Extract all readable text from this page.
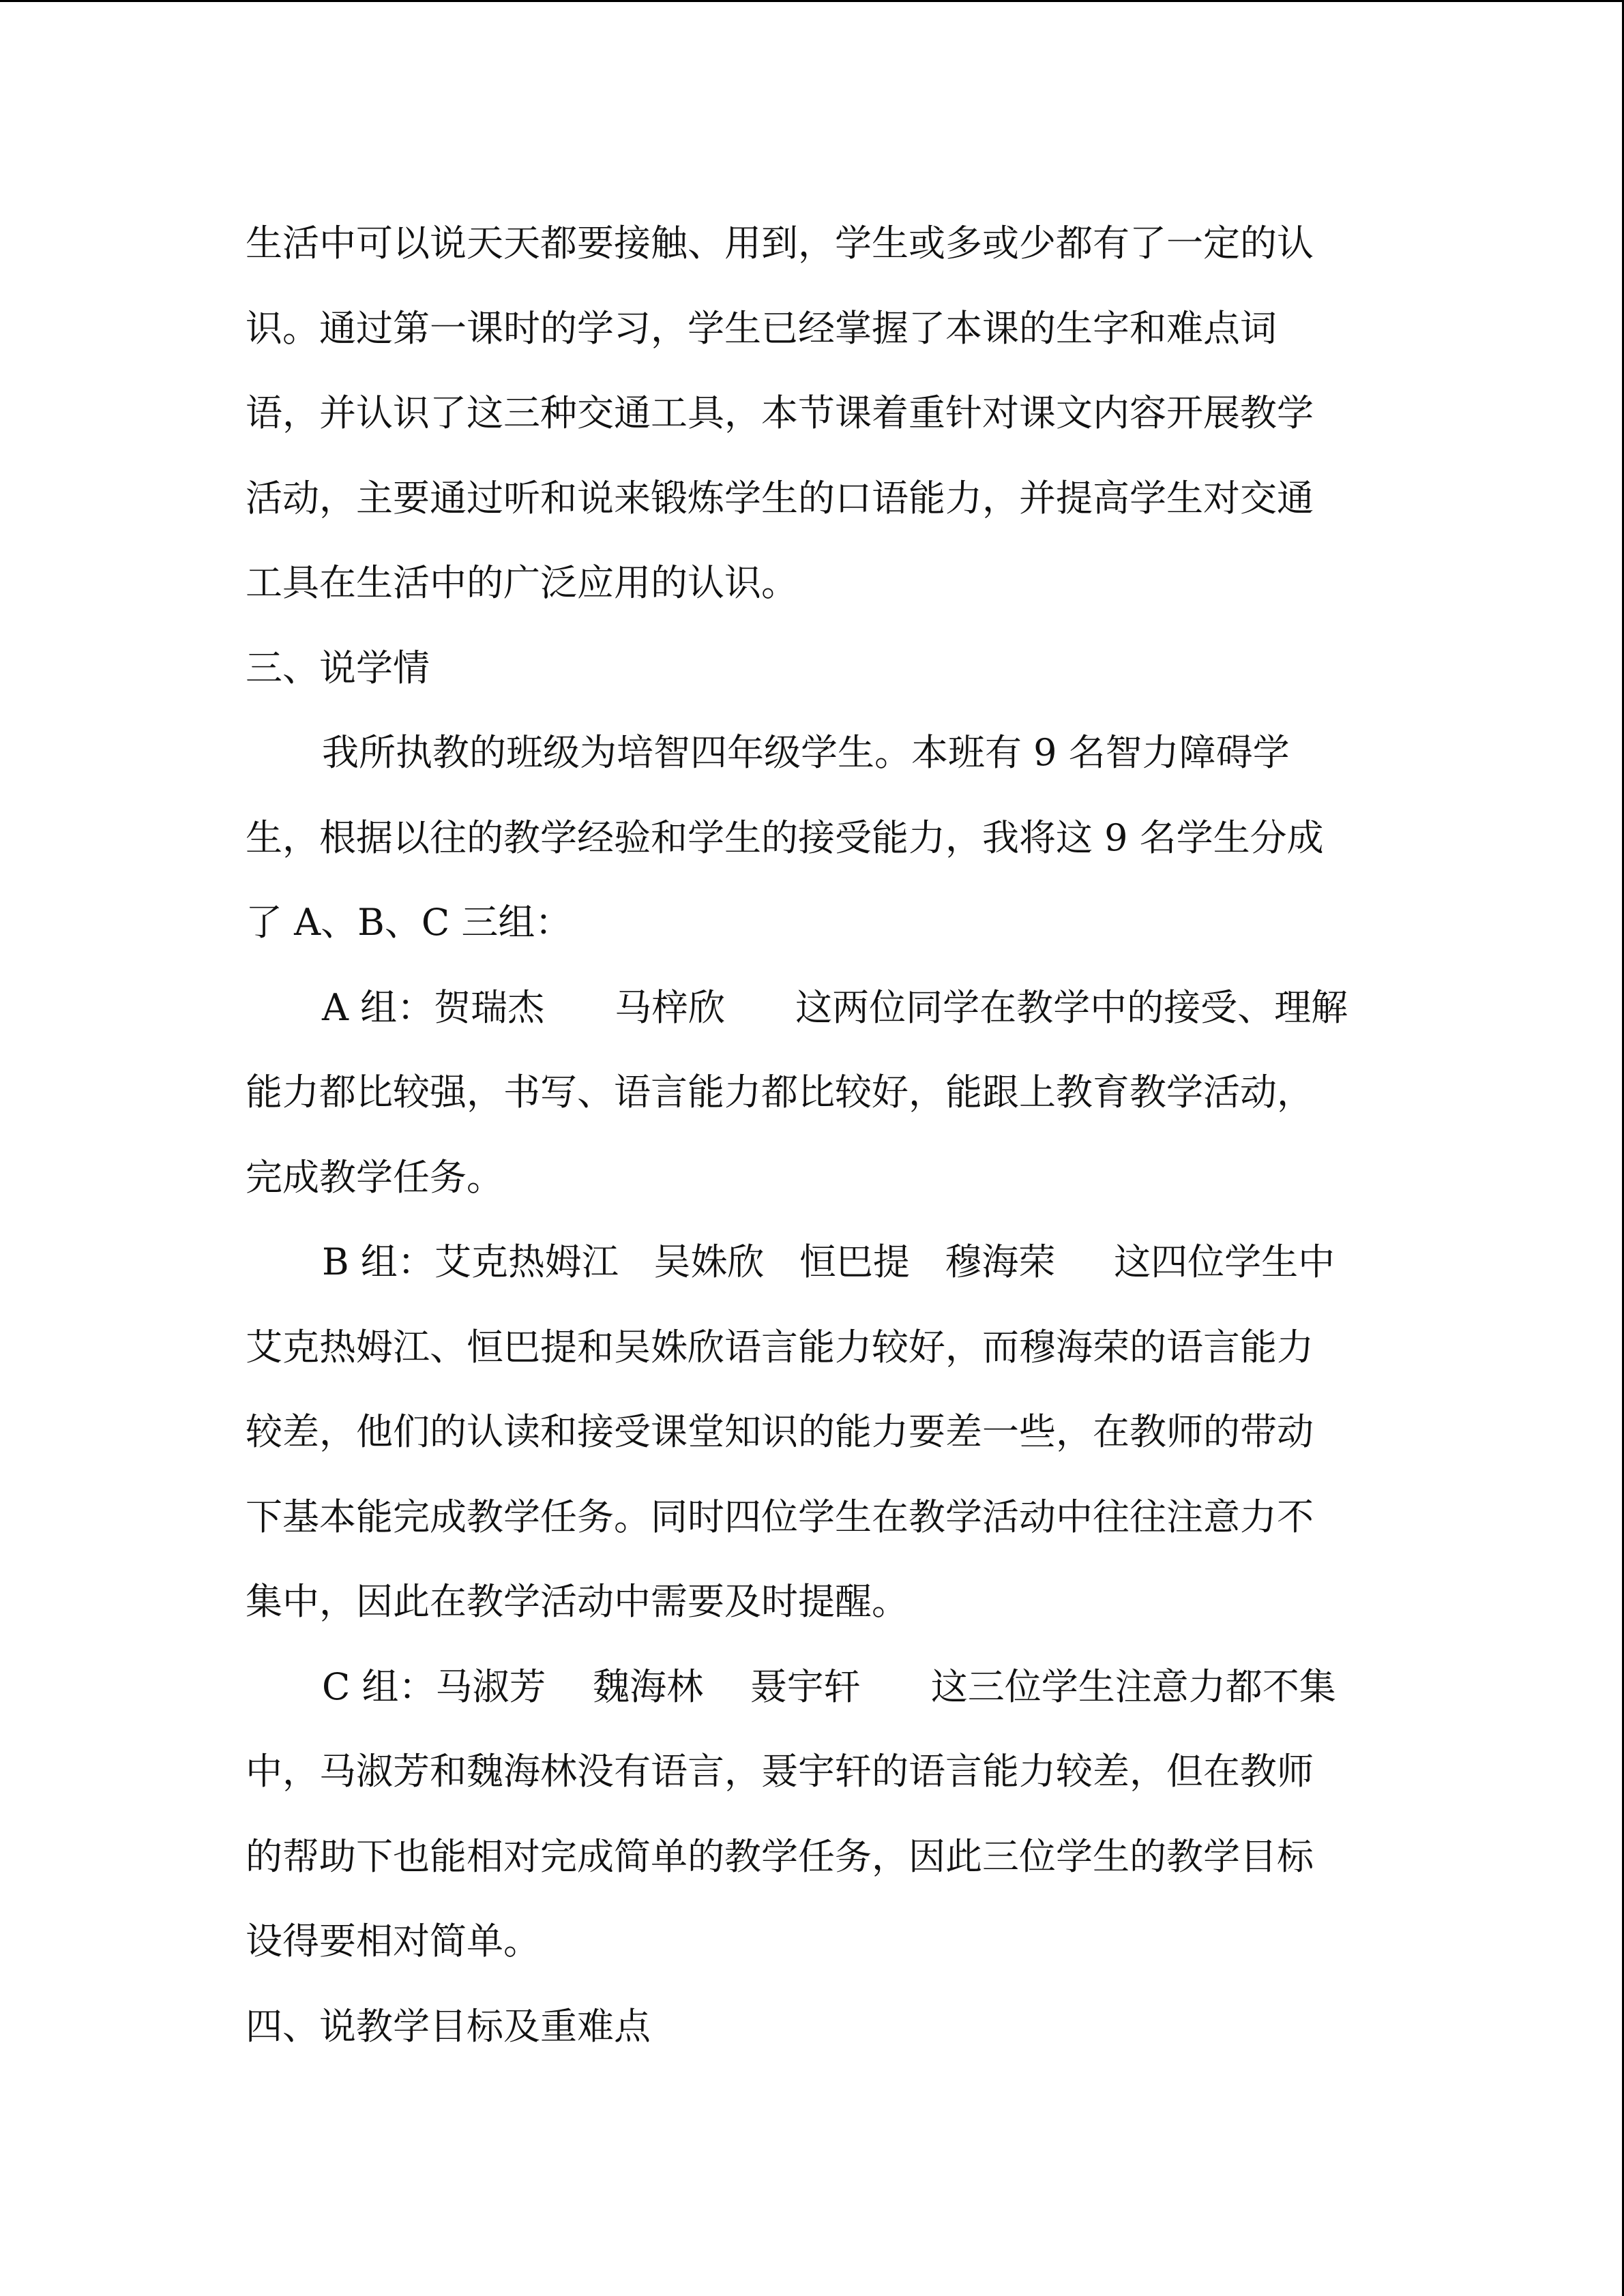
生活中可以说天天都要接触、用到，学生或多或少都有了一定的认

识。通过第一课时的学习，学生已经掌握了本课的生字和难点词

语，并认识了这三种交通工具，本节课着重针对课文内容开展教学

活动，主要通过听和说来锻炼学生的口语能力，并提高学生对交通

工具在生活中的广泛应用的认识。

三、说学情

我所执教的班级为培智四年级学生。本班有 9 名智力障碍学

生，根据以往的教学经验和学生的接受能力，我将这 9 名学生分成

了 A、B、C 三组：

A 组：贺瑞杰      马梓欣      这两位同学在教学中的接受、理解

能力都比较强，书写、语言能力都比较好，能跟上教育教学活动，

完成教学任务。

B 组：艾克热姆江   吴姝欣   恒巴提   穆海荣     这四位学生中

艾克热姆江、恒巴提和吴姝欣语言能力较好，而穆海荣的语言能力

较差，他们的认读和接受课堂知识的能力要差一些，在教师的带动

下基本能完成教学任务。同时四位学生在教学活动中往往注意力不

集中，因此在教学活动中需要及时提醒。

C 组：马淑芳    魏海林    聂宇轩      这三位学生注意力都不集

中，马淑芳和魏海林没有语言，聂宇轩的语言能力较差，但在教师

的帮助下也能相对完成简单的教学任务，因此三位学生的教学目标

设得要相对简单。

四、说教学目标及重难点
